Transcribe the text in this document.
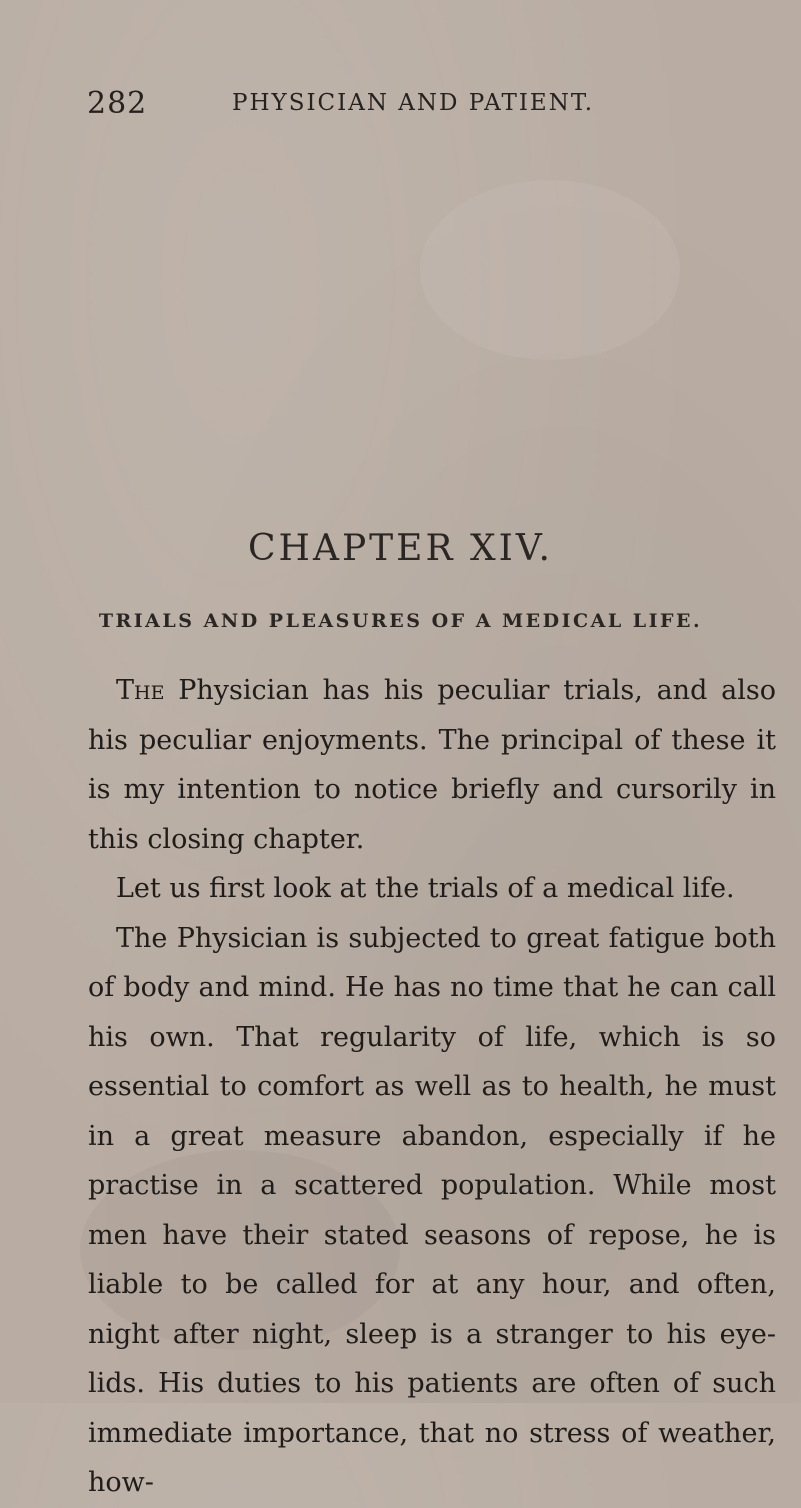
282	PHYSICIAN AND PATIENT.
CHAPTER XIV.
TRIALS AND PLEASURES OF A MEDICAL LIFE.

The Physician has his peculiar trials, and also his peculiar enjoyments. The principal of these it is my intention to notice briefly and cursorily in this closing chapter.

Let us first look at the trials of a medical life.

The Physician is subjected to great fatigue both of body and mind. He has no time that he can call his own. That regularity of life, which is so essential to comfort as well as to health, he must in a great measure abandon, especially if he practise in a scattered population. While most men have their stated seasons of repose, he is liable to be called for at any hour, and often, night after night, sleep is a stranger to his eye-lids. His duties to his patients are often of such immediate importance, that no stress of weather, how-
